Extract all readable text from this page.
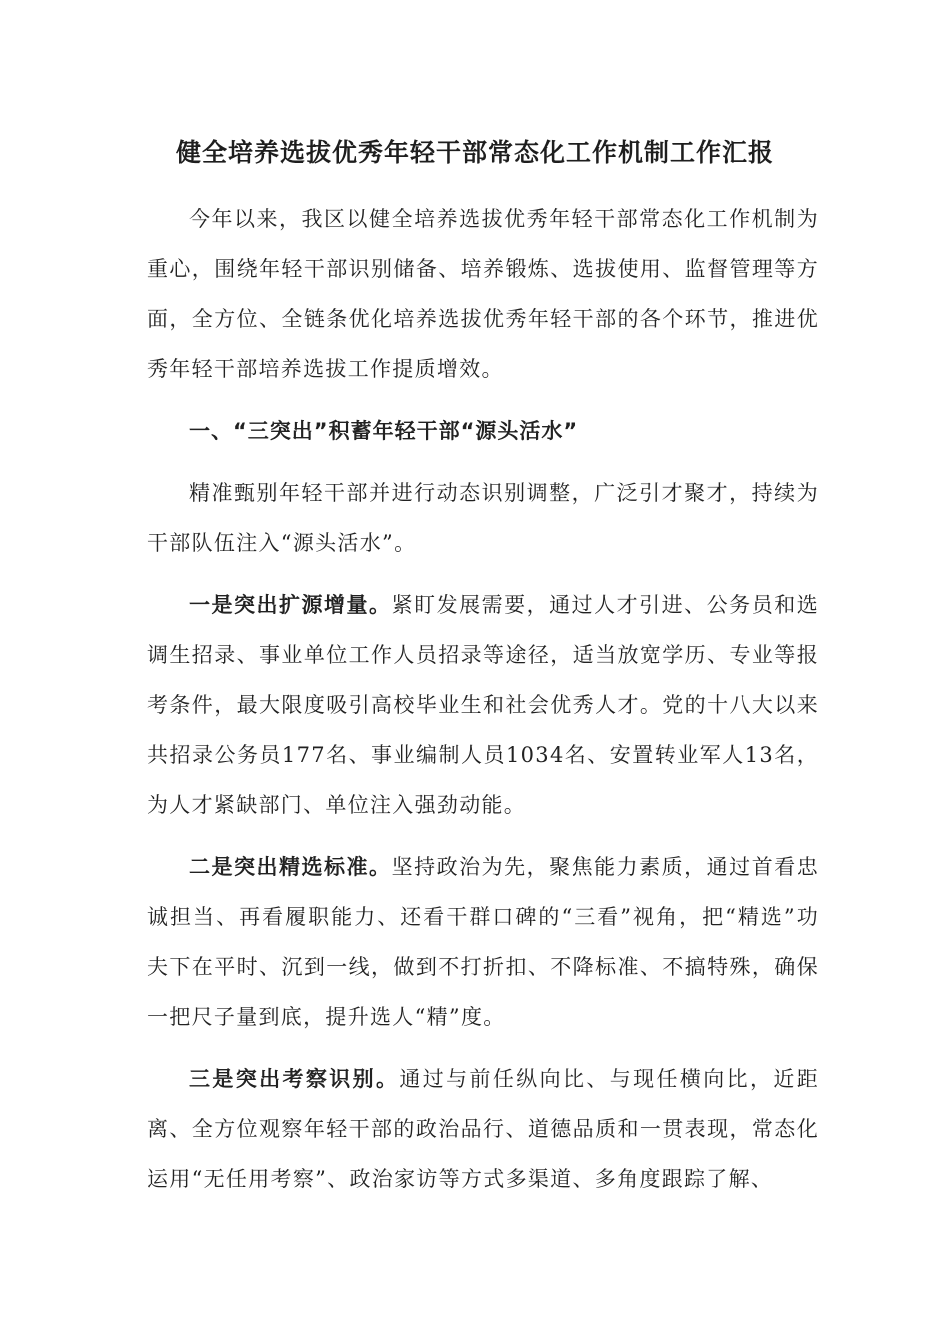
健全培养选拔优秀年轻干部常态化工作机制工作汇报

今年以来，我区以健全培养选拔优秀年轻干部常态化工作机制为重心，围绕年轻干部识别储备、培养锻炼、选拔使用、监督管理等方面，全方位、全链条优化培养选拔优秀年轻干部的各个环节，推进优秀年轻干部培养选拔工作提质增效。

一、“三突出”积蓄年轻干部“源头活水”

精准甄别年轻干部并进行动态识别调整，广泛引才聚才，持续为干部队伍注入“源头活水”。

一是突出扩源增量。紧盯发展需要，通过人才引进、公务员和选调生招录、事业单位工作人员招录等途径，适当放宽学历、专业等报考条件，最大限度吸引高校毕业生和社会优秀人才。党的十八大以来共招录公务员177名、事业编制人员1034名、安置转业军人13名，为人才紧缺部门、单位注入强劲动能。

二是突出精选标准。坚持政治为先，聚焦能力素质，通过首看忠诚担当、再看履职能力、还看干群口碑的“三看”视角，把“精选”功夫下在平时、沉到一线，做到不打折扣、不降标准、不搞特殊，确保一把尺子量到底，提升选人“精”度。

三是突出考察识别。通过与前任纵向比、与现任横向比，近距离、全方位观察年轻干部的政治品行、道德品质和一贯表现，常态化运用“无任用考察”、政治家访等方式多渠道、多角度跟踪了解、
